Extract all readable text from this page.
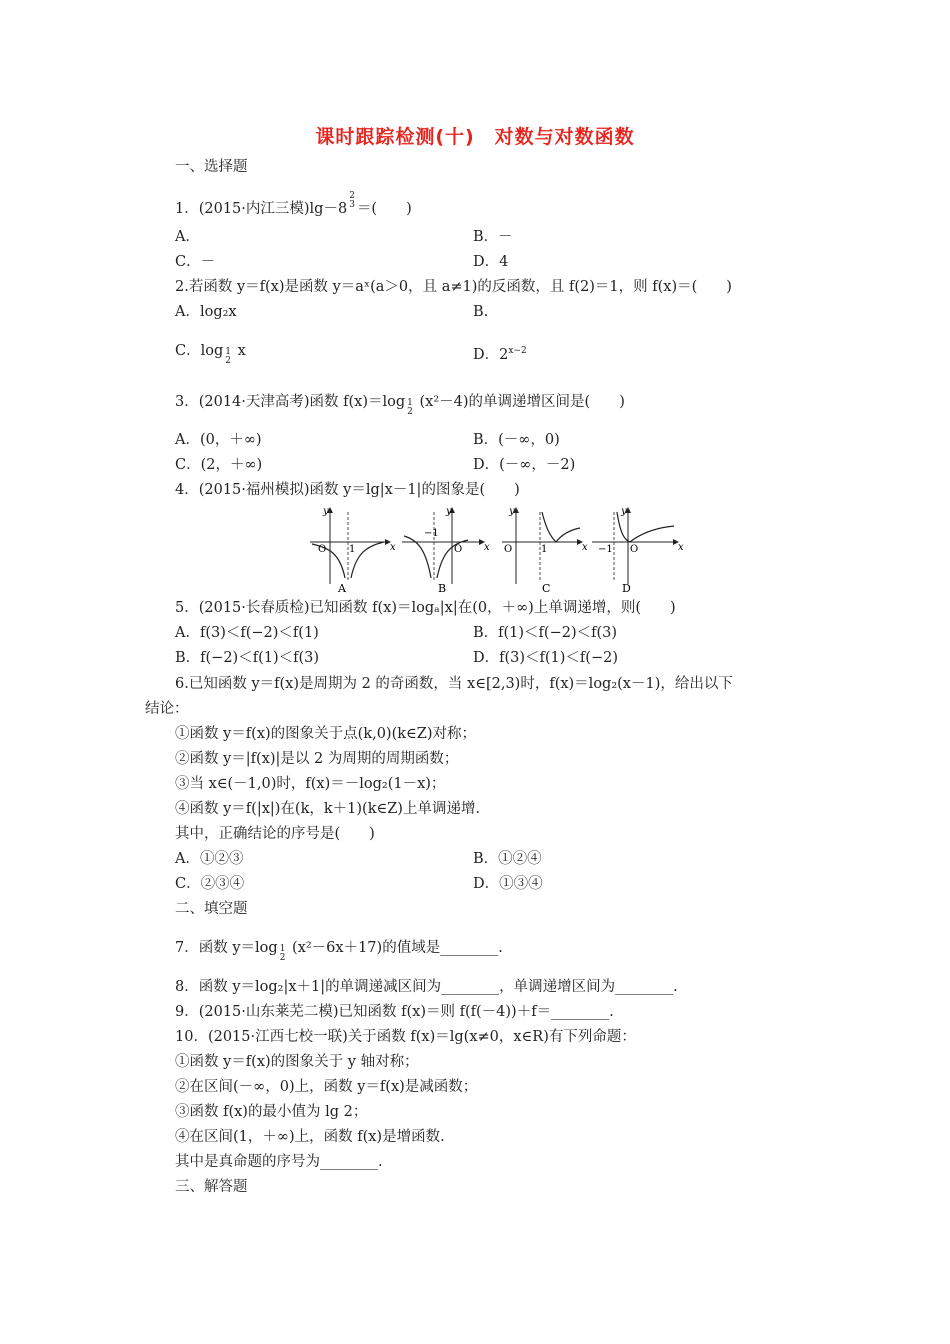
课时跟踪检测(十)　对数与对数函数
一、选择题
1．(2015·内江三模)lg－82
3 ＝(　　)
A．	B．－
C．－	D．4
2.若函数 y＝f(x)是函数 y＝aˣ(a＞0，且 a≠1)的反函数，且 f(2)＝1，则 f(x)＝(　　)
A．log₂x	B.
C．log 1
2 x	D．$2^{x-2}$
3．(2014·天津高考)函数 f(x)＝log 1
2 (x²－4)的单调递增区间是(　　)
A．(0，＋∞)	B．(－∞，0)
C．(2，＋∞)	D．(－∞，－2)
4．(2015·福州模拟)函数 y＝lg|x－1|的图象是(　　)
y
x
O 1
A
y
x
O
−1
B
y
x
O	1
C
y
x
O
−1
D
5．(2015·长春质检)已知函数 f(x)＝logₐ|x|在(0，＋∞)上单调递增，则(　　)
A．f(3)＜f(−2)＜f(1)	B．f(1)＜f(−2)＜f(3)
B．f(−2)＜f(1)＜f(3)	D．f(3)＜f(1)＜f(−2)
6.已知函数 y＝f(x)是周期为 2 的奇函数，当 x∈[2,3)时，f(x)＝log₂(x－1)，给出以下
结论：
①函数 y＝f(x)的图象关于点(k,0)(k∈Z)对称；
②函数 y＝|f(x)|是以 2 为周期的周期函数；
③当 x∈(－1,0)时，f(x)＝－log₂(1－x)；
④函数 y＝f(|x|)在(k，k＋1)(k∈Z)上单调递增.
其中，正确结论的序号是(　　)
A．①②③	B．①②④
C．②③④	D．①③④
二、填空题
7．函数 y＝log 1
2 (x²－6x＋17)的值域是________.
8．函数 y＝log₂|x＋1|的单调递减区间为________，单调递增区间为________.
9．(2015·山东莱芜二模)已知函数 f(x)＝则 f(f(－4))＋f＝________.
10．(2015·江西七校一联)关于函数 f(x)＝lg(x≠0，x∈R)有下列命题：
①函数 y＝f(x)的图象关于 y 轴对称；
②在区间(－∞，0)上，函数 y＝f(x)是减函数；
③函数 f(x)的最小值为 lg 2；
④在区间(1，＋∞)上，函数 f(x)是增函数.
其中是真命题的序号为________.
三、解答题
